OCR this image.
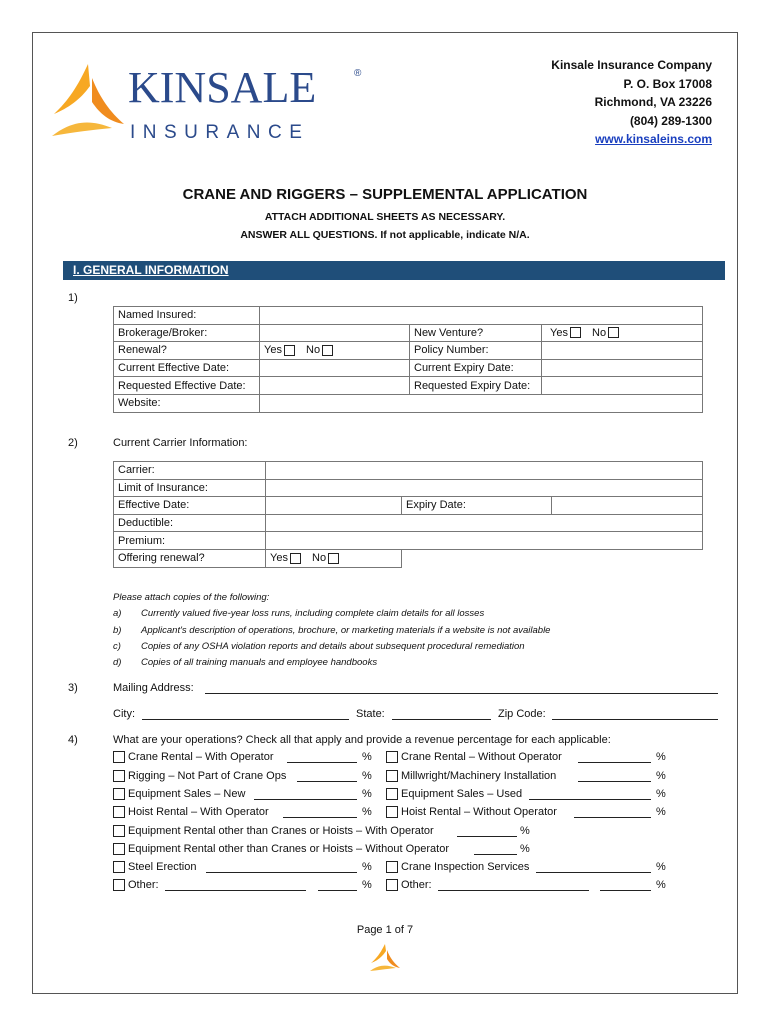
KINSALE	®
INSURANCE
Kinsale Insurance Company
P. O. Box 17008
Richmond, VA 23226
(804) 289-1300
www.kinsaleins.com
CRANE AND RIGGERS – SUPPLEMENTAL APPLICATION
ATTACH ADDITIONAL SHEETS AS NECESSARY.
ANSWER ALL QUESTIONS. If not applicable, indicate N/A.
I. GENERAL INFORMATION
1)
Named Insured:			
Brokerage/Broker:		New Venture?	Yes No
Renewal?	Yes No	Policy Number:	
Current Effective Date:		Current Expiry Date:	
Requested Effective Date:		Requested Expiry Date:	
Website:			
2)	Current Carrier Information:
Carrier:			
Limit of Insurance:			
Effective Date:		Expiry Date:	
Deductible:			
Premium:			
Offering renewal?	Yes No		
Please attach copies of the following:
a) Currently valued five-year loss runs, including complete claim details for all losses
b) Applicant's description of operations, brochure, or marketing materials if a website is not available
c) Copies of any OSHA violation reports and details about subsequent procedural remediation
d) Copies of all training manuals and employee handbooks
3)	Mailing Address:
City:	State:	Zip Code:
4)	What are your operations? Check all that apply and provide a revenue percentage for each applicable:
Crane Rental – With Operator	%	Crane Rental – Without Operator	%
Rigging – Not Part of Crane Ops	%	Millwright/Machinery Installation	%
Equipment Sales – New	%	Equipment Sales – Used	%
Hoist Rental – With Operator	%	Hoist Rental – Without Operator	%
Equipment Rental other than Cranes or Hoists – With Operator	%
Equipment Rental other than Cranes or Hoists – Without Operator	%
Steel Erection	%	Crane Inspection Services	%
Other:	%	Other:	%
Page 1 of 7
